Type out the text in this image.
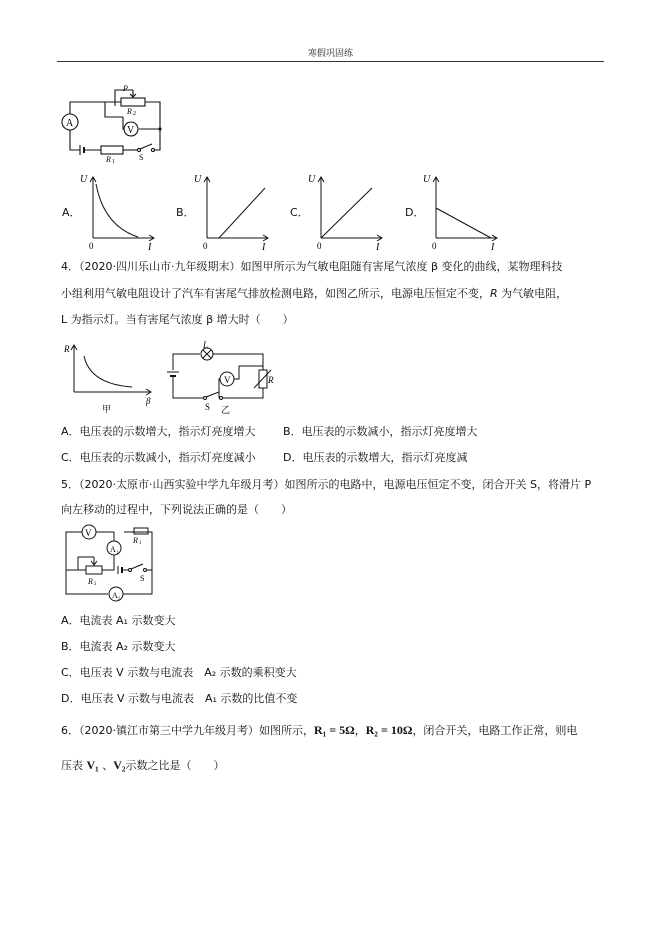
寒假巩固练
A
V
P
R 2
R 1	S
A．
U
I
0
B．
U
I
0
C．
U
I
0
D．
U
I
0
4．（2020·四川乐山市·九年级期末）如图甲所示为气敏电阻随有害尾气浓度 β 变化的曲线，某物理科技
小组利用气敏电阻设计了汽车有害尾气排放检测电路，如图乙所示，电源电压恒定不变，R 为气敏电阻，
L 为指示灯。当有害尾气浓度 β 增大时（　　）
R
β
甲
L
V	R
S 乙
A．电压表的示数增大，指示灯亮度增大 B．电压表的示数减小，指示灯亮度增大
C．电压表的示数减小，指示灯亮度减小 D．电压表的示数增大，指示灯亮度减
5．（2020·太原市·山西实验中学九年级月考）如图所示的电路中，电源电压恒定不变，闭合开关 S，将滑片 P
向左移动的过程中，下列说法正确的是（　　）
V
A 1
A 2
R 1
R 2
S
A．电流表 A₁ 示数变大
B．电流表 A₂ 示数变大
C．电压表 V 示数与电流表　A₂ 示数的乘积变大
D．电压表 V 示数与电流表　A₁ 示数的比值不变
6．（2020·镇江市第三中学九年级月考）如图所示，R₁ = 5Ω，R₂ = 10Ω，闭合开关，电路工作正常，则电
压表 V₁ 、V₂示数之比是（　　）
